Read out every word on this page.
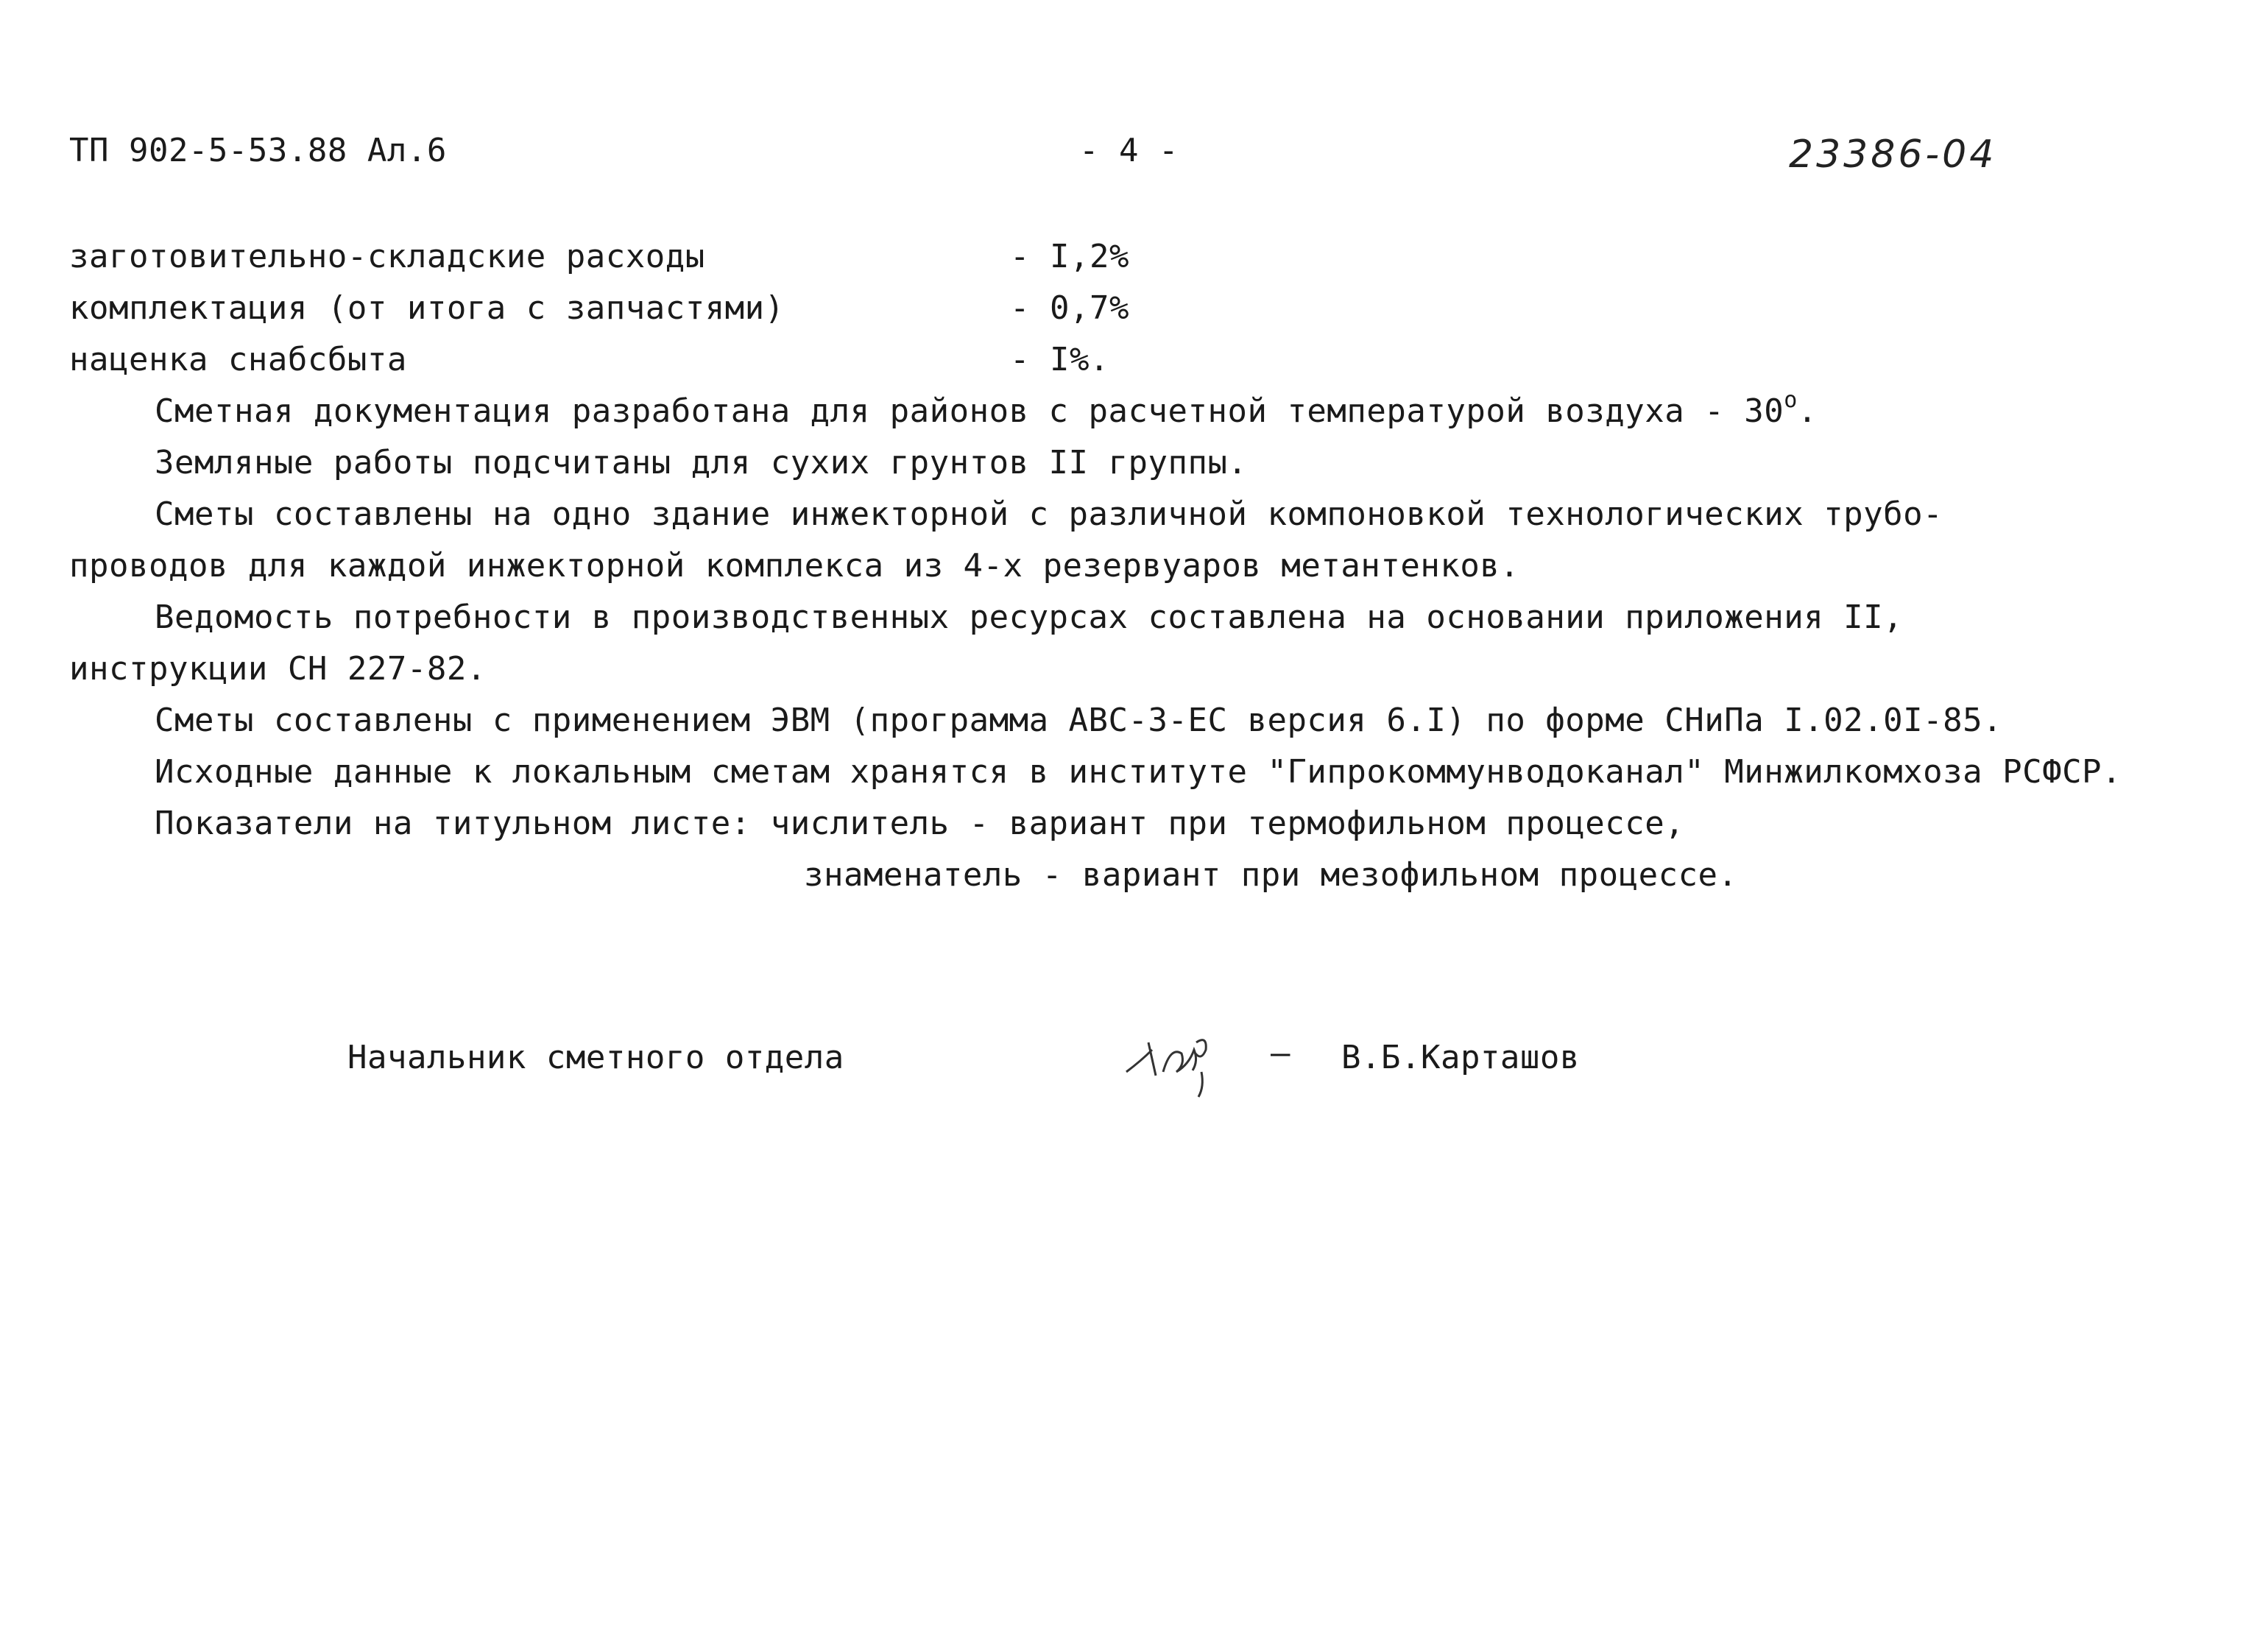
ТП 902-5-53.88 Ал.6	- 4 -	23386-04
заготовительно-складские расходы	- I,2%
комплектация (от итога с запчастями)	- 0,7%
наценка снабсбыта	- I%.
Сметная документация разработана для районов с расчетной температурой воздуха - $30^о$.
Земляные работы подсчитаны для сухих грунтов II группы.
Сметы составлены на одно здание инжекторной с различной компоновкой технологических трубо-
проводов для каждой инжекторной комплекса из 4-х резервуаров метантенков.
Ведомость потребности в производственных ресурсах составлена на основании приложения II,
инструкции СН 227-82.
Сметы составлены с применением ЭВМ (программа АВС-3-ЕС версия 6.I) по форме СНиПа I.02.0I-85.
Исходные данные к локальным сметам хранятся в институте "Гипрокоммунводоканал" Минжилкомхоза РСФСР.
Показатели на титульном листе: числитель - вариант при термофильном процессе,
знаменатель - вариант при мезофильном процессе.
Начальник сметного отдела	— В.Б.Карташов
